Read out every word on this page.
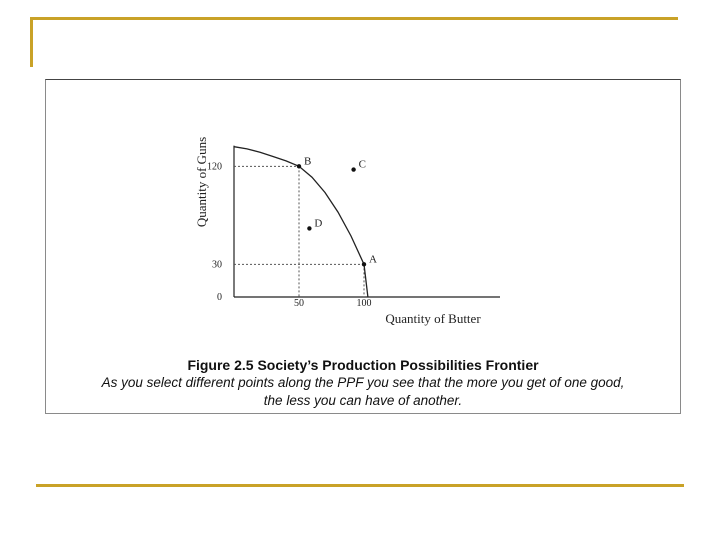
B	C
D
A
0
30
120
50	100
Quantity of Guns
Quantity of Butter
Figure 2.5 Society’s Production Possibilities Frontier
As you select different points along the PPF you see that the more you get of one good,
the less you can have of another.
